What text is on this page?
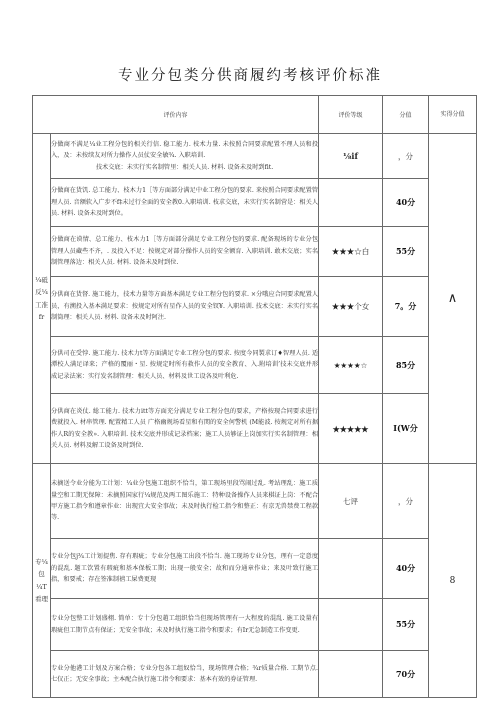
专业分包类分供商履约考核评价标准
评价内容		评价等级	分值	实得分值
¼砥反¼工准fr	分做商不满足¼业工程分包的相关行信. 稳工能力. 枝术力量. 未按照合同要求配置不理人员和投入，及：未按续友对所力操作人员仗安全敏¾. 入职培训.
技术交底：未实行实名制管里：相关人员. 材料. 设备未及时到fit.	⅛if	，分	∧
	分做商在货饥. 总工能力、枝木力1［等方面部分满足中业工程分包的要求. 来按照合同要求配置管理人员. 音额软入广步不f‡未过行全面的安全教0.入职培训. 枝求交底，未实行实名制营是：相关人员. 材料. 设备未及时到位。		40分	
	分做商在谟情、总工能力、枝木力1［等方面部分满足专业工程分包的要求. 配备现场的专业分包管理人员藏些不齐，. 及投入不足：按规定对部分操作人员的安全额育. 入职培训. 敢术交底；实名制管理落边：相关人员. 材料. 设备未及时到位.	★★★☆白	55分	
	分供商在货督. 施工能力，技术力量等方面基本满足专业工程分包的要求. ×分哦应合同要求配置人员，有溯投入基本满足要求：按规定对所有星作人员的安全钗¥. 入职培训. 技术交底：未实行实名制筒理：相关人员. 材料. 设备未及时阿注.	★★★个女	7。分	
	分供司在受悖. 施工能力. 技术力t等方面满足专业工程分包的要求. 按度今同製求订♦智理人员. 适潭校人满足译来；产格的覆丽・星. 按规定时所有救作人员的安全教育、入.附培训’技未交底并形成记录法案：实行发名制管理：相关人员、材料及世工设各及叶利危.	★★★★☆	85分	
	分供商在炎仗. 総工能力. 技术力itt等方面充分满足专业工程分包的要求，产格按现合同要求进行费就投入. 材串管理. 配置精工人员 广格幽规场看星和有関的安全何警机 (M能波. 按规定对所有据作人R的安全教». 入职培训. 技术交底并形成记录档案；施工人员够证上岗加实行实名制管理：相关人员. 材料及解工设备及时到位.	★★★★★	I(W分	
专¼包 ¼T 看理	未摘送令业分能为工计划：¼业分包施工组织不恰当，第工现场里段骂闹过乱. 考站理乱：施工质量空和工期无保障：未摘照国家行¼规范及两工图乐施工：特种设备操作人员来棋证上岗：不配合甲方施工指令和遵章作业：出现宜大安全事故；未及时执行检工指令和整正：有京无兽禁费工程款等.	七评	，分	8
	专业分包j¾工计划提焦. 存有瑕疵；专业分包施工出段不恰当. 施工现场专业分包，理有一定意度的混乱. 题工饮置有瑕疵和基本保板工期；出现一般安全；故和而分通章作业；来及叶致行施工指，和要戒；存在签准制禧工屎费更现		40分	
	专业分包整工计划盛栩. 简单：专十分包趙工组织恰当但现场管理有一大程度的混乱. 施工设量有瑕疵但工期节点有保证；无安全事故；未及时执行施工指令和要求；有Ir无急制造工作变更.		55分	
	专业分他港工计划及方案合格；专业分包各工组奴恰当，现场管理合格；¾r质量合格. 工期节点. 七仅正；无安全事故；主本配合执行施工指令和要求：基本有效的券证管理.		70分	
